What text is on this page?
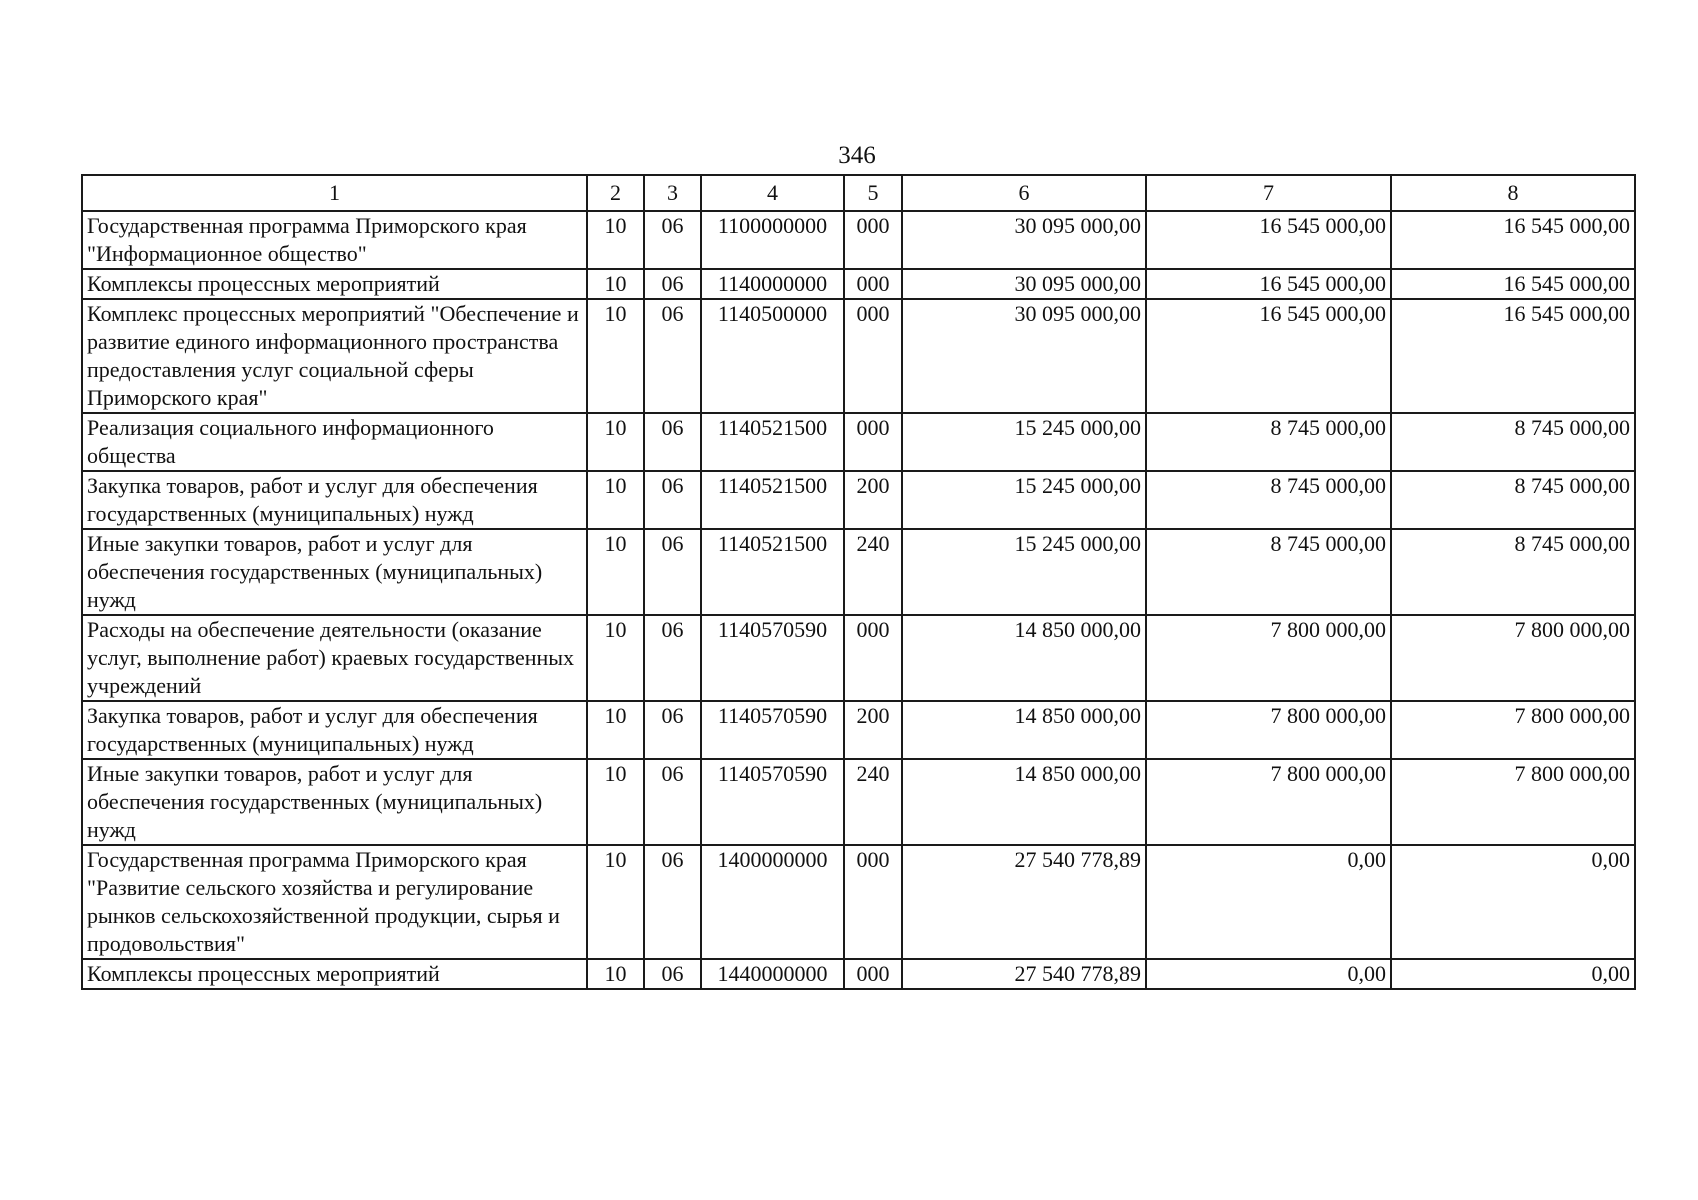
346
1	2	3	4	5	6	7	8
Государственная программа Приморского края "Информационное общество"	10	06	1100000000	000	30 095 000,00	16 545 000,00	16 545 000,00
Комплексы процессных мероприятий	10	06	1140000000	000	30 095 000,00	16 545 000,00	16 545 000,00
Комплекс процессных мероприятий "Обеспечение и развитие единого информационного пространства предоставления услуг социальной сферы Приморского края"	10	06	1140500000	000	30 095 000,00	16 545 000,00	16 545 000,00
Реализация социального информационного общества	10	06	1140521500	000	15 245 000,00	8 745 000,00	8 745 000,00
Закупка товаров, работ и услуг для обеспечения государственных (муниципальных) нужд	10	06	1140521500	200	15 245 000,00	8 745 000,00	8 745 000,00
Иные закупки товаров, работ и услуг для обеспечения государственных (муниципальных) нужд	10	06	1140521500	240	15 245 000,00	8 745 000,00	8 745 000,00
Расходы на обеспечение деятельности (оказание услуг, выполнение работ) краевых государственных учреждений	10	06	1140570590	000	14 850 000,00	7 800 000,00	7 800 000,00
Закупка товаров, работ и услуг для обеспечения государственных (муниципальных) нужд	10	06	1140570590	200	14 850 000,00	7 800 000,00	7 800 000,00
Иные закупки товаров, работ и услуг для обеспечения государственных (муниципальных) нужд	10	06	1140570590	240	14 850 000,00	7 800 000,00	7 800 000,00
Государственная программа Приморского края "Развитие сельского хозяйства и регулирование рынков сельскохозяйственной продукции, сырья и продовольствия"	10	06	1400000000	000	27 540 778,89	0,00	0,00
Комплексы процессных мероприятий	10	06	1440000000	000	27 540 778,89	0,00	0,00
